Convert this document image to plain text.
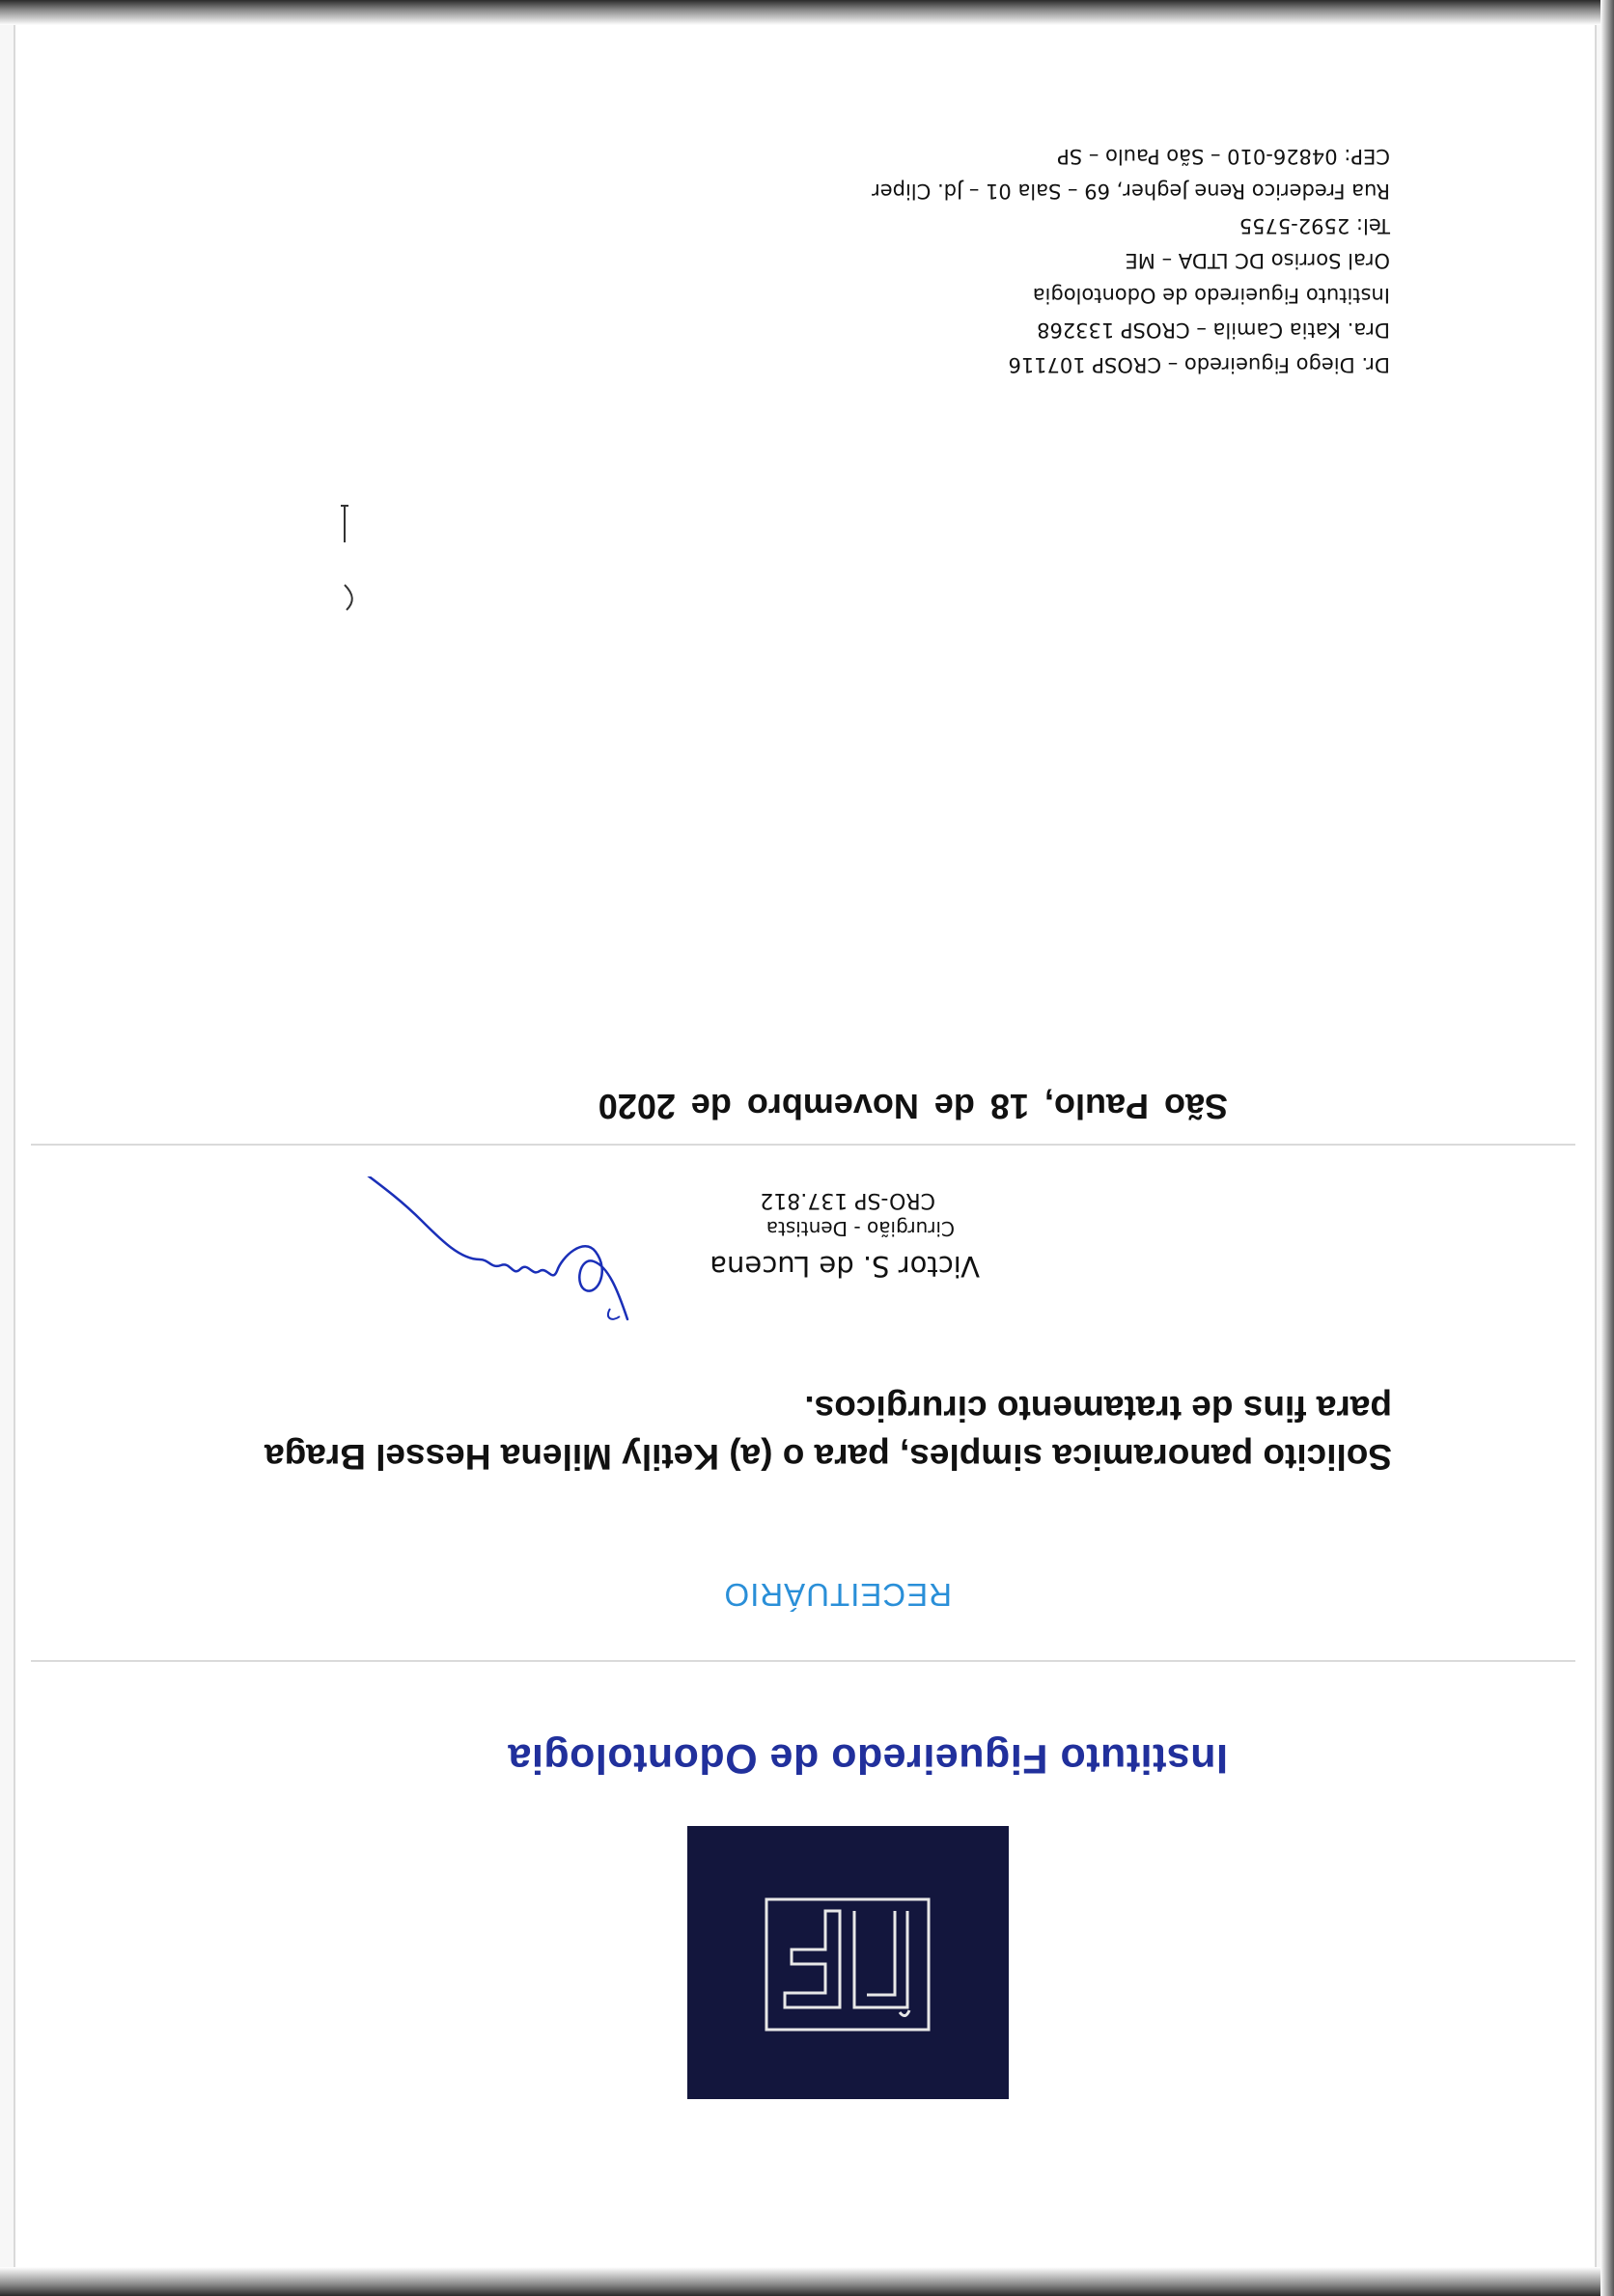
Instituto Figueiredo de Odontologia
RECEITUÁRIO
Solicito panoramica simples, para o (a) Ketily Milena Hessel Braga para fins de tratamento cirurgicos.
Victor S. de Lucena
Cirurgião - Dentista
CRO-SP 137.812
São Paulo, 18 de Novembro de 2020
Dr. Diego Figueiredo – CROSP 107116
Dra. Katia Camila – CROSP 133268
Instituto Figueiredo de Odontologia
Oral Sorriso DC LTDA – ME
Tel: 2592-5755
Rua Frederico Rene Jegher, 69 – Sala 01 – Jd. Cliper
CEP: 04826-010 – São Paulo – SP
